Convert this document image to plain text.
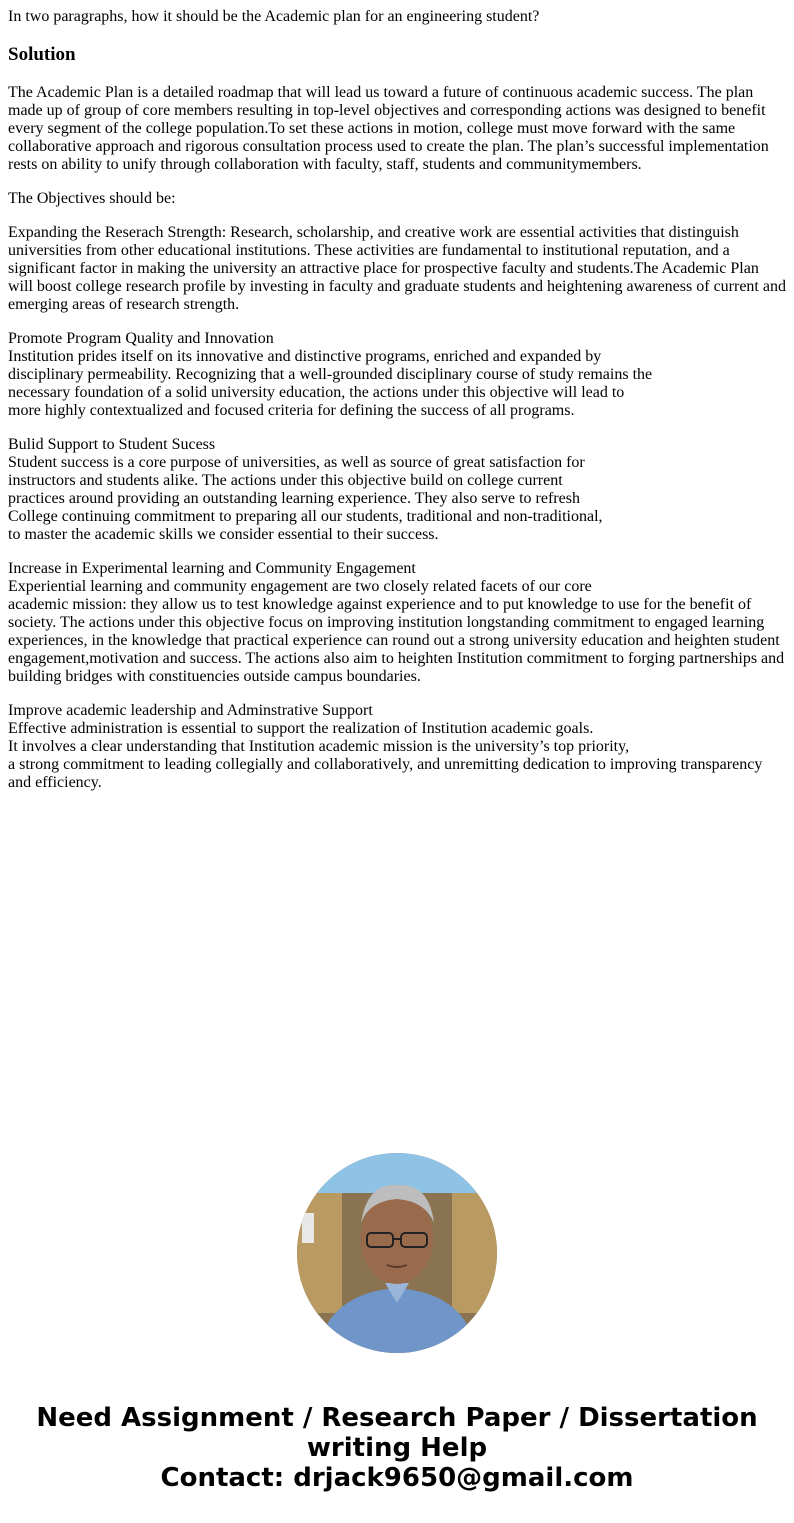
In two paragraphs, how it should be the Academic plan for an engineering student?
Solution

The Academic Plan is a detailed roadmap that will lead us toward a future of continuous academic success. The plan made up of group of core members resulting in top-level objectives and corresponding actions was designed to benefit every segment of the college population.To set these actions in motion, college must move forward with the same collaborative approach and rigorous consultation process used to create the plan. The plan’s successful implementation rests on ability to unify through collaboration with faculty, staff, students and communitymembers.

The Objectives should be:

Expanding the Reserach Strength: Research, scholarship, and creative work are essential activities that distinguish universities from other educational institutions. These activities are fundamental to institutional reputation, and a significant factor in making the university an attractive place for prospective faculty and students.The Academic Plan will boost college research profile by investing in faculty and graduate students and heightening awareness of current and emerging areas of research strength.

Promote Program Quality and Innovation
Institution prides itself on its innovative and distinctive programs, enriched and expanded by
disciplinary permeability. Recognizing that a well-grounded disciplinary course of study remains the
necessary foundation of a solid university education, the actions under this objective will lead to
more highly contextualized and focused criteria for defining the success of all programs.

Bulid Support to Student Sucess
Student success is a core purpose of universities, as well as source of great satisfaction for
instructors and students alike. The actions under this objective build on college current
practices around providing an outstanding learning experience. They also serve to refresh
College continuing commitment to preparing all our students, traditional and non-traditional,
to master the academic skills we consider essential to their success.

Increase in Experimental learning and Community Engagement
Experiential learning and community engagement are two closely related facets of our core
academic mission: they allow us to test knowledge against experience and to put knowledge to use for the benefit of society. The actions under this objective focus on improving institution longstanding commitment to engaged learning experiences, in the knowledge that practical experience can round out a strong university education and heighten student engagement,motivation and success. The actions also aim to heighten Institution commitment to forging partnerships and building bridges with constituencies outside campus boundaries.

Improve academic leadership and Adminstrative Support
Effective administration is essential to support the realization of Institution academic goals.
It involves a clear understanding that Institution academic mission is the university’s top priority,
a strong commitment to leading collegially and collaboratively, and unremitting dedication to improving transparency and efficiency.

Need Assignment / Research Paper / Dissertation writing Help
Contact: drjack9650@gmail.com
